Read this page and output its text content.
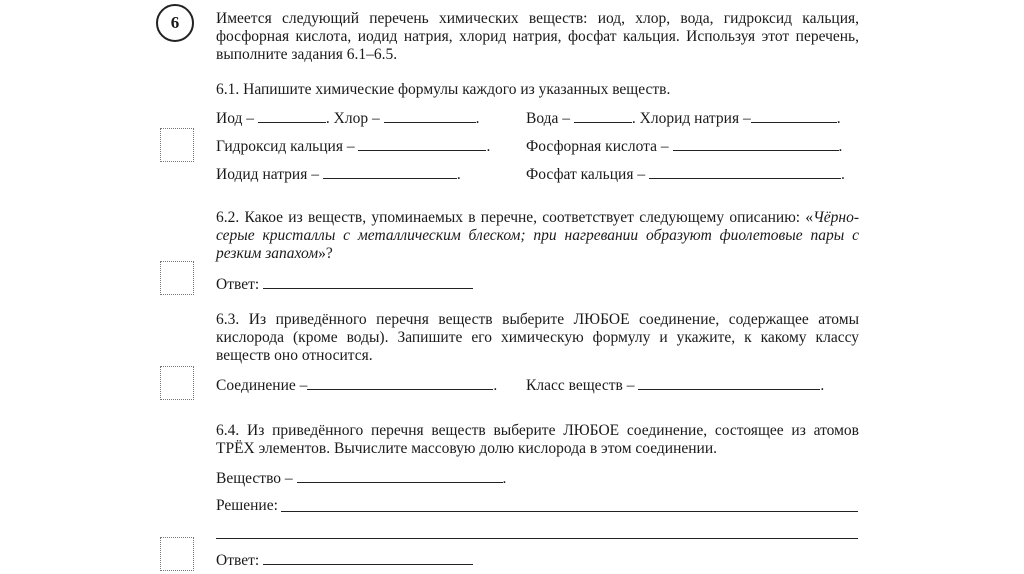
6 Имеется следующий перечень химических веществ: иод, хлор, вода, гидроксид кальция, фосфорная кислота, иодид натрия, хлорид натрия, фосфат кальция. Используя этот перечень, выполните задания 6.1–6.5.
6.1. Напишите химические формулы каждого из указанных веществ.
Иод –	. Хлор –	.	Вода –	. Хлорид натрия –	.
Гидроксид кальция –	. Фосфорная кислота –	.
Иодид натрия –	.	Фосфат кальция –	.
6.2. Какое из веществ, упоминаемых в перечне, соответствует следующему описанию: «Чёрно-серые кристаллы с металлическим блеском; при нагревании образуют фиолетовые пары с резким запахом»?
Ответ:
6.3. Из приведённого перечня веществ выберите ЛЮБОЕ соединение, содержащее атомы кислорода (кроме воды). Запишите его химическую формулу и укажите, к какому классу веществ оно относится.
Соединение –	. Класс веществ –	.
6.4. Из приведённого перечня веществ выберите ЛЮБОЕ соединение, состоящее из атомов ТРЁХ элементов. Вычислите массовую долю кислорода в этом соединении.
Вещество –	.
Решение:
Ответ:
